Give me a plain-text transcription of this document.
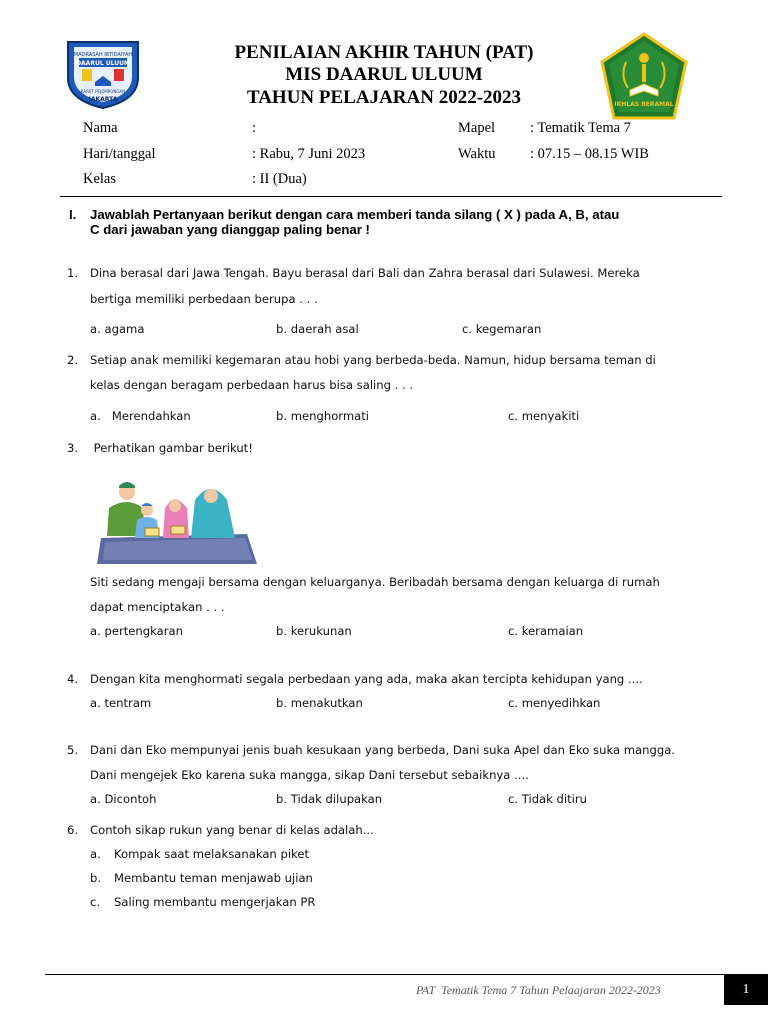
MADRASAH IBTIDAIYAH
DAARUL ULUUM
KARET PEJOMPONGAN
JAKARTA
PENILAIAN AKHIR TAHUN (PAT)
MIS DAARUL ULUUM
TAHUN PELAJARAN 2022-2023	IKHLAS BERAMAL
Nama	:	Mapel : Tematik Tema 7
Hari/tanggal	: Rabu, 7 Juni 2023	Waktu : 07.15 – 08.15 WIB
Kelas	: II (Dua)
I. Jawablah Pertanyaan berikut dengan cara memberi tanda silang ( X ) pada A, B, atau
C dari jawaban yang dianggap paling benar !
1. Dina berasal dari Jawa Tengah. Bayu berasal dari Bali dan Zahra berasal dari Sulawesi. Mereka
bertiga memiliki perbedaan berupa . . .
a. agama	b. daerah asal	c. kegemaran
2. Setiap anak memiliki kegemaran atau hobi yang berbeda-beda. Namun, hidup bersama teman di
kelas dengan beragam perbedaan harus bisa saling . . .
a.   Merendahkan	b. menghormati	c. menyakiti
3. Perhatikan gambar berikut!
Siti sedang mengaji bersama dengan keluarganya. Beribadah bersama dengan keluarga di rumah
dapat menciptakan . . .
a. pertengkaran	b. kerukunan	c. keramaian
4. Dengan kita menghormati segala perbedaan yang ada, maka akan tercipta kehidupan yang ....
a. tentram	b. menakutkan	c. menyedihkan
5. Dani dan Eko mempunyai jenis buah kesukaan yang berbeda, Dani suka Apel dan Eko suka mangga.
Dani mengejek Eko karena suka mangga, sikap Dani tersebut sebaiknya ....
a. Dicontoh	b. Tidak dilupakan	c. Tidak ditiru
6. Contoh sikap rukun yang benar di kelas adalah...
a. Kompak saat melaksanakan piket
b. Membantu teman menjawab ujian
c. Saling membantu mengerjakan PR
PAT  Tematik Tema 7 Tahun Pelaajaran 2022-2023	1
